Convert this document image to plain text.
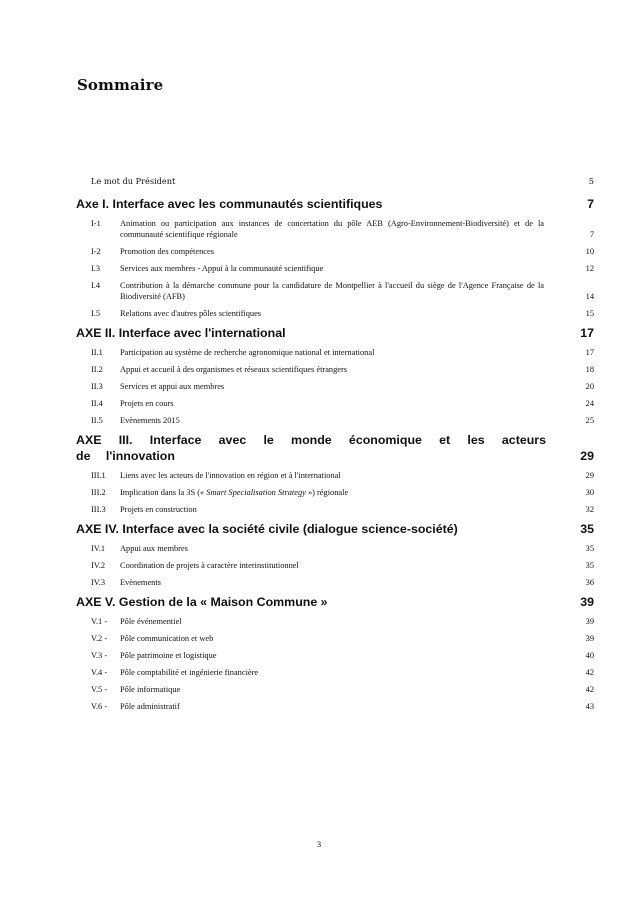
Sommaire
Le mot du Président	5
Axe I. Interface avec les communautés scientifiques	7
I-1 Animation ou participation aux instances de concertation du pôle AEB (Agro-Environnement-Biodiversité) et de la communauté scientifique régionale	7
I-2 Promotion des compétences	10
I.3 Services aux membres - Appui à la communauté scientifique	12
I.4 Contribution à la démarche commune pour la candidature de Montpellier à l'accueil du siège de l'Agence Française de la Biodiversité (AFB)	14
I.5 Relations avec d'autres pôles scientifiques	15
AXE II. Interface avec l'international	17
II.1 Participation au système de recherche agronomique national et international	17
II.2 Appui et accueil à des organismes et réseaux scientifiques étrangers	18
II.3 Services et appui aux membres	20
II.4 Projets en cours	24
II.5 Evènements 2015	25
AXE III. Interface avec le monde économique et les acteurs de l'innovation	29
III.1 Liens avec les acteurs de l'innovation en région et à l'international	29
III.2 Implication dans la 3S (« Smart Specialisation Strategy ») régionale	30
III.3 Projets en construction	32
AXE IV. Interface avec la société civile (dialogue science-société)	35
IV.1 Appui aux membres	35
IV.2 Coordination de projets à caractère interinstitutionnel	35
IV.3 Evènements	36
AXE V. Gestion de la « Maison Commune »	39
V.1 - Pôle événementiel	39
V.2 - Pôle communication et web	39
V.3 - Pôle patrimoine et logistique	40
V.4 - Pôle comptabilité et ingénierie financière	42
V.5 - Pôle informatique	42
V.6 - Pôle administratif	43
3
